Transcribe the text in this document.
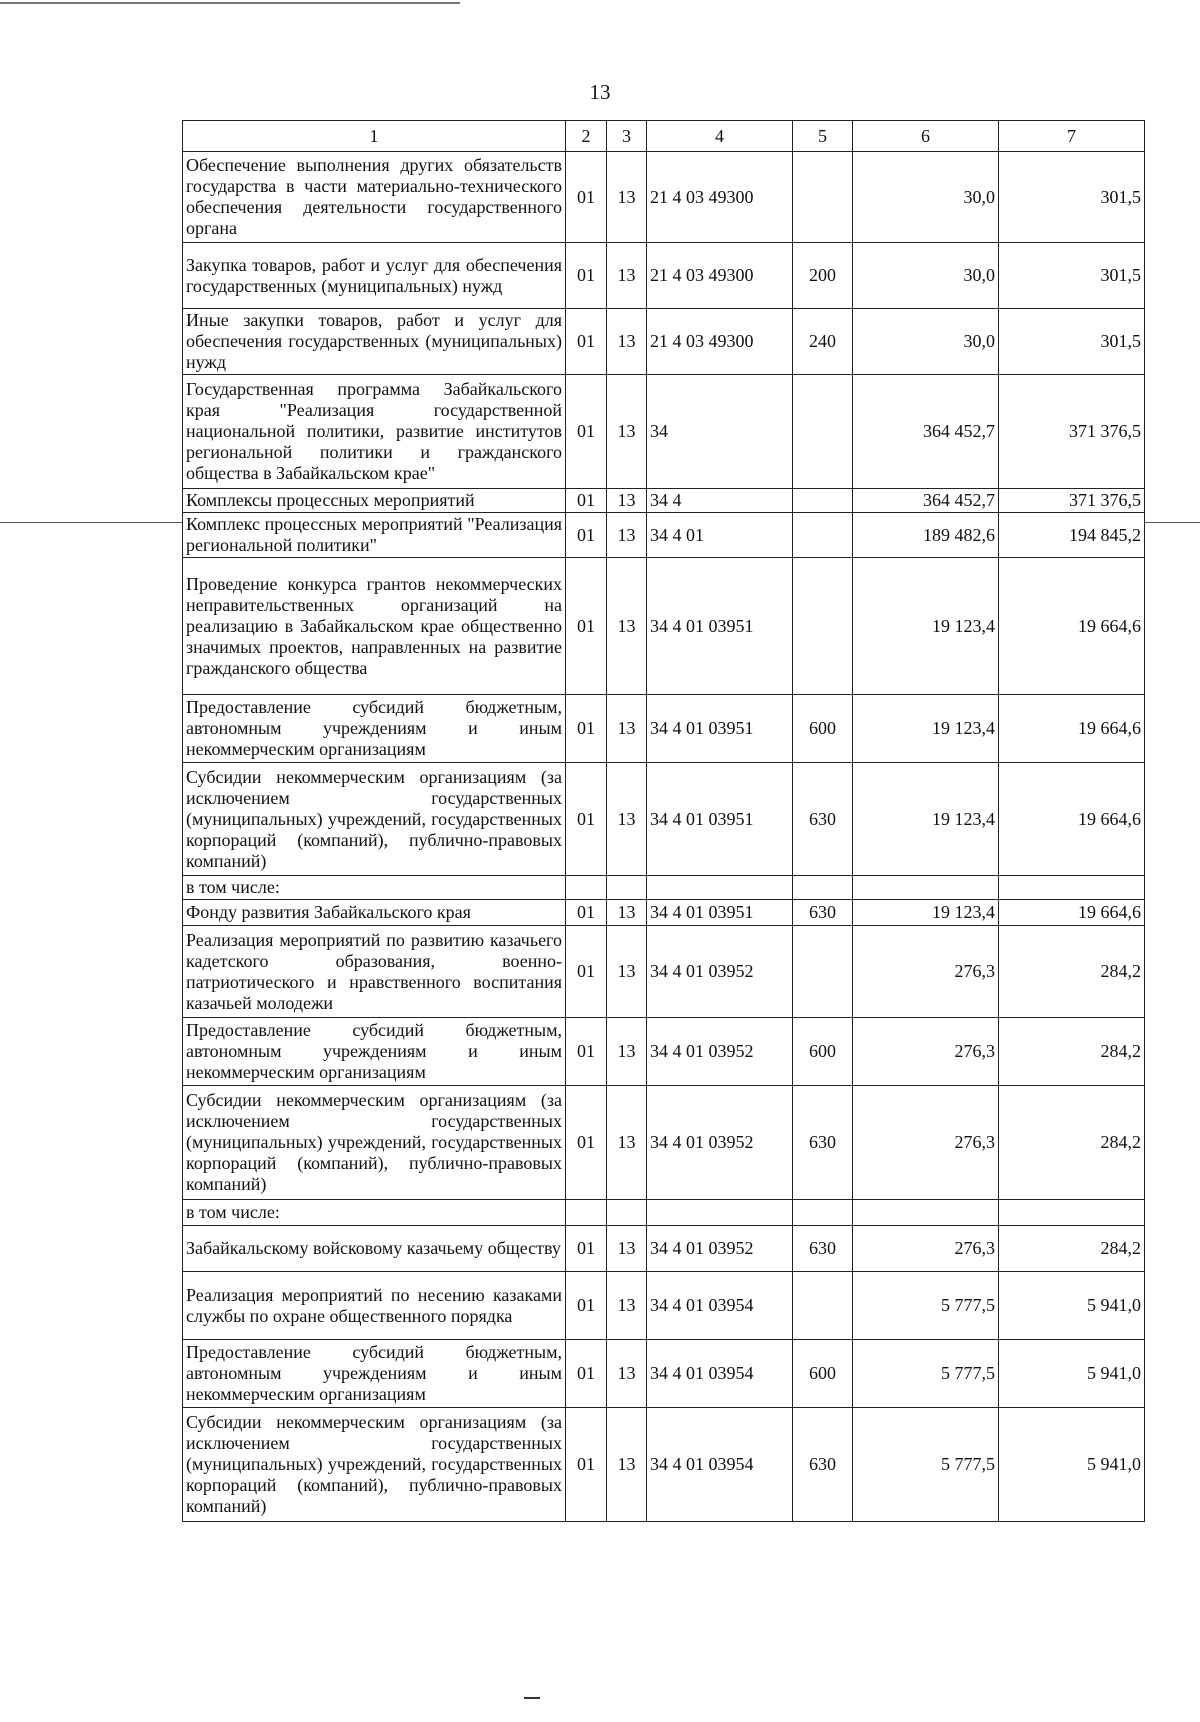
13
1	2	3	4	5	6	7
Обеспечение выполнения других обязательств государства в части материально-технического обеспечения деятельности государственного органа	01	13	21 4 03 49300		30,0	301,5
Закупка товаров, работ и услуг для обеспечения государственных (муниципальных) нужд	01	13	21 4 03 49300	200	30,0	301,5
Иные закупки товаров, работ и услуг для обеспечения государственных (муниципальных) нужд	01	13	21 4 03 49300	240	30,0	301,5
Государственная программа Забайкальского края "Реализация государственной национальной политики, развитие институтов региональной политики и гражданского общества в Забайкальском крае"	01	13	34		364 452,7	371 376,5
Комплексы процессных мероприятий	01	13	34 4		364 452,7	371 376,5
Комплекс процессных мероприятий "Реализация региональной политики"	01	13	34 4 01		189 482,6	194 845,2
Проведение конкурса грантов некоммерческих неправительственных организаций на реализацию в Забайкальском крае общественно значимых проектов, направленных на развитие гражданского общества	01	13	34 4 01 03951		19 123,4	19 664,6
Предоставление субсидий бюджетным, автономным учреждениям и иным некоммерческим организациям	01	13	34 4 01 03951	600	19 123,4	19 664,6
Субсидии некоммерческим организациям (за исключением государственных (муниципальных) учреждений, государственных корпораций (компаний), публично-правовых компаний)	01	13	34 4 01 03951	630	19 123,4	19 664,6
в том числе:						
Фонду развития Забайкальского края	01	13	34 4 01 03951	630	19 123,4	19 664,6
Реализация мероприятий по развитию казачьего кадетского образования, военно-патриотического и нравственного воспитания казачьей молодежи	01	13	34 4 01 03952		276,3	284,2
Предоставление субсидий бюджетным, автономным учреждениям и иным некоммерческим организациям	01	13	34 4 01 03952	600	276,3	284,2
Субсидии некоммерческим организациям (за исключением государственных (муниципальных) учреждений, государственных корпораций (компаний), публично-правовых компаний)	01	13	34 4 01 03952	630	276,3	284,2
в том числе:						
Забайкальскому войсковому казачьему обществу	01	13	34 4 01 03952	630	276,3	284,2
Реализация мероприятий по несению казаками службы по охране общественного порядка	01	13	34 4 01 03954		5 777,5	5 941,0
Предоставление субсидий бюджетным, автономным учреждениям и иным некоммерческим организациям	01	13	34 4 01 03954	600	5 777,5	5 941,0
Субсидии некоммерческим организациям (за исключением государственных (муниципальных) учреждений, государственных корпораций (компаний), публично-правовых компаний)	01	13	34 4 01 03954	630	5 777,5	5 941,0
